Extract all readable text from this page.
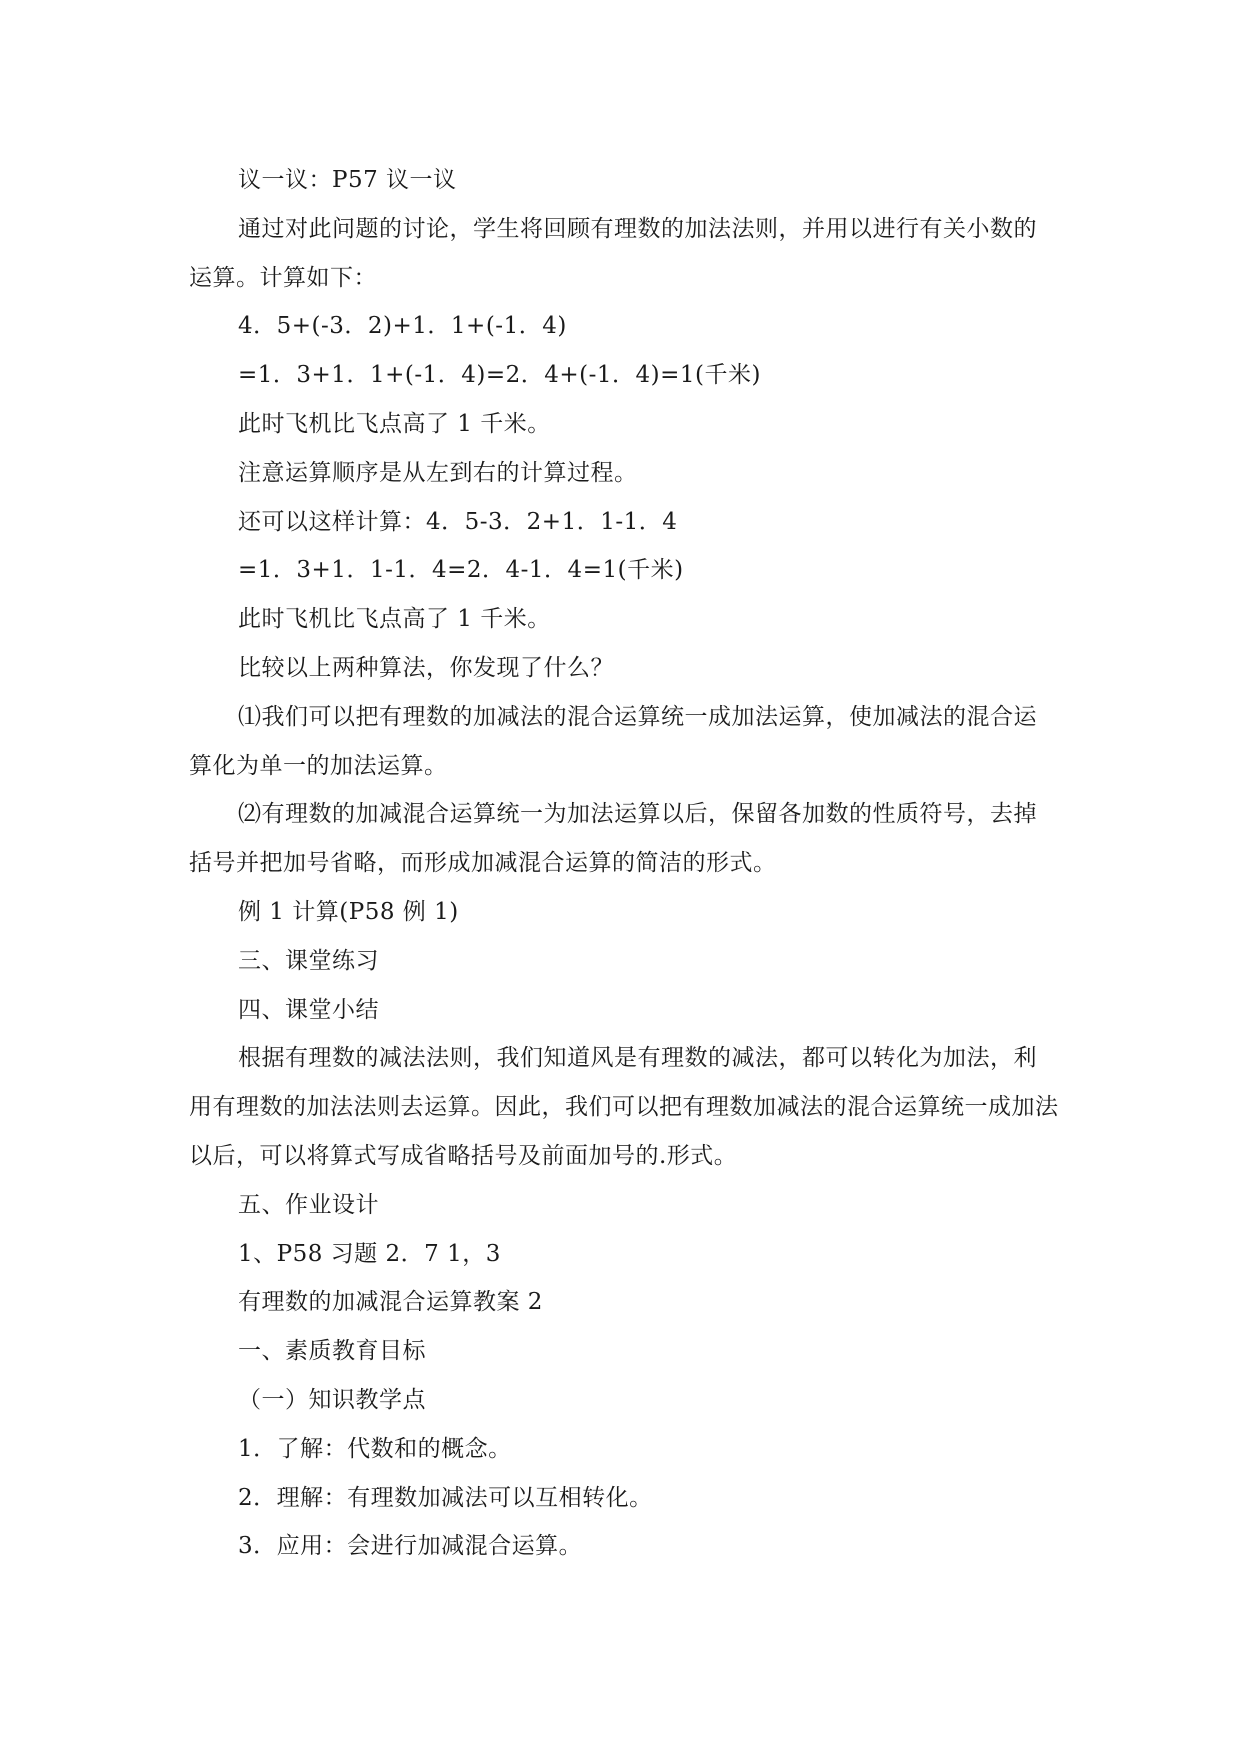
议一议：P57 议一议

通过对此问题的讨论，学生将回顾有理数的加法法则，并用以进行有关小数的运算。计算如下：

4．5+(-3．2)+1．1+(-1．4)

=1．3+1．1+(-1．4)=2．4+(-1．4)=1(千米)

此时飞机比飞点高了 1 千米。

注意运算顺序是从左到右的计算过程。

还可以这样计算：4．5-3．2+1．1-1．4

=1．3+1．1-1．4=2．4-1．4=1(千米)

此时飞机比飞点高了 1 千米。

比较以上两种算法，你发现了什么？

⑴我们可以把有理数的加减法的混合运算统一成加法运算，使加减法的混合运算化为单一的加法运算。

⑵有理数的加减混合运算统一为加法运算以后，保留各加数的性质符号，去掉括号并把加号省略，而形成加减混合运算的简洁的形式。

例 1 计算(P58 例 1)

三、课堂练习

四、课堂小结

根据有理数的减法法则，我们知道风是有理数的减法，都可以转化为加法，利用有理数的加法法则去运算。因此，我们可以把有理数加减法的混合运算统一成加法以后，可以将算式写成省略括号及前面加号的.形式。

五、作业设计

1、P58 习题 2．7 1，3

有理数的加减混合运算教案 2

一、素质教育目标

（一）知识教学点

1．了解：代数和的概念。

2．理解：有理数加减法可以互相转化。

3．应用：会进行加减混合运算。
